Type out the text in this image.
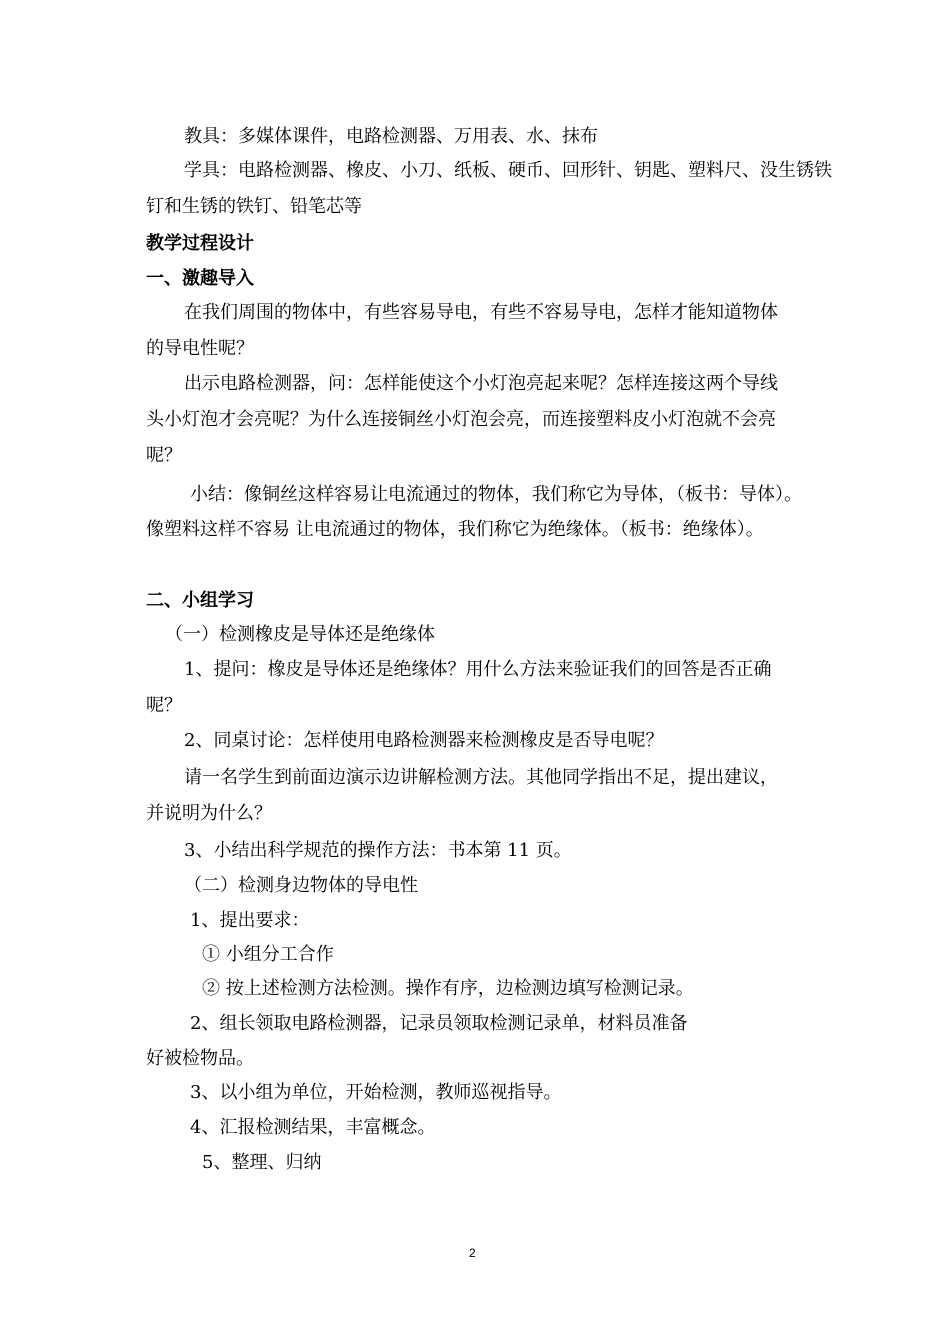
教具：多媒体课件，电路检测器、万用表、水、抹布
学具：电路检测器、橡皮、小刀、纸板、硬币、回形针、钥匙、塑料尺、没生锈铁
钉和生锈的铁钉、铅笔芯等
教学过程设计
一、激趣导入
在我们周围的物体中，有些容易导电，有些不容易导电，怎样才能知道物体
的导电性呢？
出示电路检测器，问：怎样能使这个小灯泡亮起来呢？怎样连接这两个导线
头小灯泡才会亮呢？为什么连接铜丝小灯泡会亮，而连接塑料皮小灯泡就不会亮
呢？
小结：像铜丝这样容易让电流通过的物体，我们称它为导体，（板书：导体）。
像塑料这样不容易 让电流通过的物体，我们称它为绝缘体。（板书：绝缘体）。
二、小组学习
（一）检测橡皮是导体还是绝缘体
1、提问：橡皮是导体还是绝缘体？用什么方法来验证我们的回答是否正确
呢？
2、同桌讨论：怎样使用电路检测器来检测橡皮是否导电呢？
请一名学生到前面边演示边讲解检测方法。其他同学指出不足，提出建议，
并说明为什么？
3、小结出科学规范的操作方法：书本第 11 页。
（二）检测身边物体的导电性
1、提出要求：
① 小组分工合作
② 按上述检测方法检测。操作有序，边检测边填写检测记录。
2、组长领取电路检测器，记录员领取检测记录单，材料员准备
好被检物品。
3、以小组为单位，开始检测，教师巡视指导。
4、汇报检测结果，丰富概念。
5、整理、归纳
2
